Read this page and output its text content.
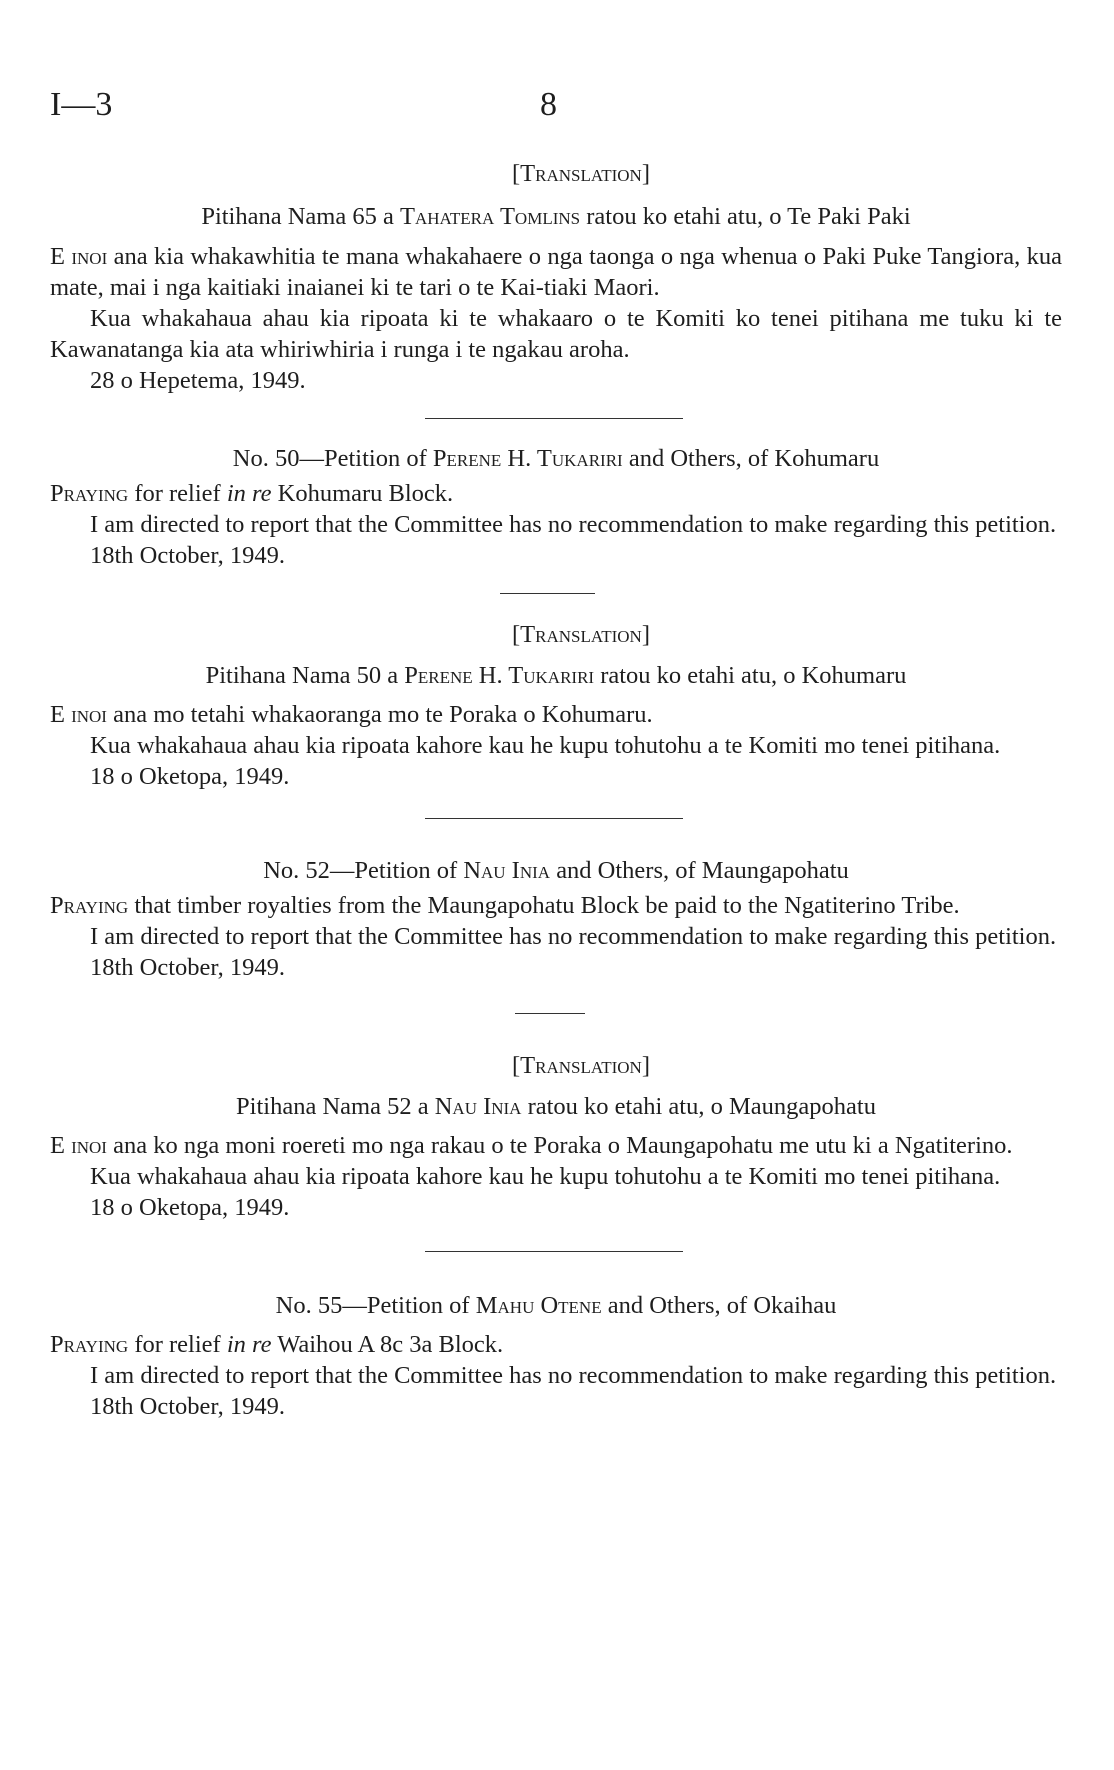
I—3	8
[Translation]
Pitihana Nama 65 a Tahatera Tomlins ratou ko etahi atu, o Te Paki Paki

E inoi ana kia whakawhitia te mana whakahaere o nga taonga o nga whenua o Paki Puke Tangiora, kua mate, mai i nga kaitiaki inaianei ki te tari o te Kai-tiaki Maori.

Kua whakahaua ahau kia ripoata ki te whakaaro o te Komiti ko tenei pitihana me tuku ki te Kawanatanga kia ata whiriwhiria i runga i te ngakau aroha.

28 o Hepetema, 1949.
No. 50—Petition of Perene H. Tukariri and Others, of Kohumaru

Praying for relief in re Kohumaru Block.

I am directed to report that the Committee has no recommendation to make regarding this petition.

18th October, 1949.
[Translation]
Pitihana Nama 50 a Perene H. Tukariri ratou ko etahi atu, o Kohumaru

E inoi ana mo tetahi whakaoranga mo te Poraka o Kohumaru.

Kua whakahaua ahau kia ripoata kahore kau he kupu tohutohu a te Komiti mo tenei pitihana.

18 o Oketopa, 1949.
No. 52—Petition of Nau Inia and Others, of Maungapohatu

Praying that timber royalties from the Maungapohatu Block be paid to the Ngatiterino Tribe.

I am directed to report that the Committee has no recommendation to make regarding this petition.

18th October, 1949.
[Translation]
Pitihana Nama 52 a Nau Inia ratou ko etahi atu, o Maungapohatu

E inoi ana ko nga moni roereti mo nga rakau o te Poraka o Maungapohatu me utu ki a Ngatiterino.

Kua whakahaua ahau kia ripoata kahore kau he kupu tohutohu a te Komiti mo tenei pitihana.

18 o Oketopa, 1949.
No. 55—Petition of Mahu Otene and Others, of Okaihau

Praying for relief in re Waihou A 8c 3a Block.

I am directed to report that the Committee has no recommendation to make regarding this petition.

18th October, 1949.
